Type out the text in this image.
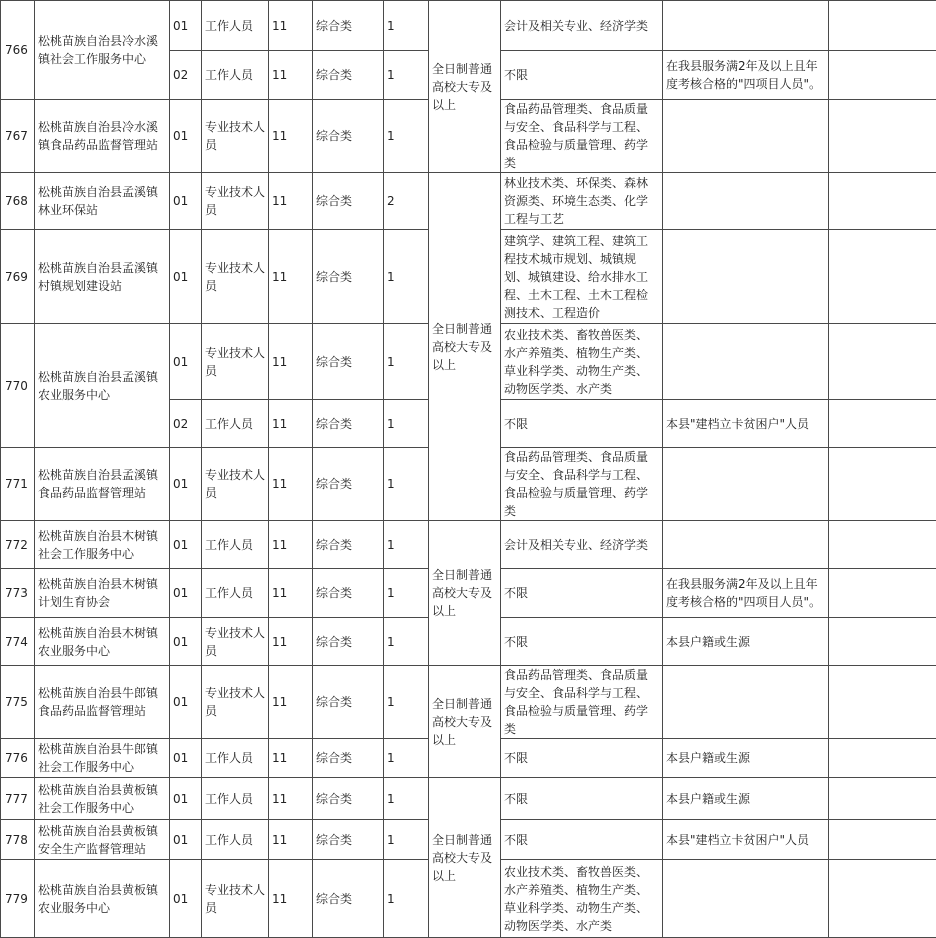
766	松桃苗族自治县冷水溪镇社会工作服务中心	01	工作人员	11	综合类	1	全日制普通高校大专及以上	会计及相关专业、经济学类		
		02	工作人员	11	综合类	1		不限	在我县服务满2年及以上且年度考核合格的"四项目人员"。	
767	松桃苗族自治县冷水溪镇食品药品监督管理站	01	专业技术人员	11	综合类	1		食品药品管理类、食品质量与安全、食品科学与工程、食品检验与质量管理、药学类		
768	松桃苗族自治县孟溪镇林业环保站	01	专业技术人员	11	综合类	2	全日制普通高校大专及以上	林业技术类、环保类、森林资源类、环境生态类、化学工程与工艺		
769	松桃苗族自治县孟溪镇村镇规划建设站	01	专业技术人员	11	综合类	1		建筑学、建筑工程、建筑工程技术城市规划、城镇规划、城镇建设、给水排水工程、土木工程、土木工程检测技术、工程造价		
770	松桃苗族自治县孟溪镇农业服务中心	01	专业技术人员	11	综合类	1		农业技术类、畜牧兽医类、水产养殖类、植物生产类、草业科学类、动物生产类、动物医学类、水产类		
		02	工作人员	11	综合类	1		不限	本县"建档立卡贫困户"人员	
771	松桃苗族自治县孟溪镇食品药品监督管理站	01	专业技术人员	11	综合类	1		食品药品管理类、食品质量与安全、食品科学与工程、食品检验与质量管理、药学类		
772	松桃苗族自治县木树镇社会工作服务中心	01	工作人员	11	综合类	1	全日制普通高校大专及以上	会计及相关专业、经济学类		
773	松桃苗族自治县木树镇计划生育协会	01	工作人员	11	综合类	1		不限	在我县服务满2年及以上且年度考核合格的"四项目人员"。	
774	松桃苗族自治县木树镇农业服务中心	01	专业技术人员	11	综合类	1		不限	本县户籍或生源	
775	松桃苗族自治县牛郎镇食品药品监督管理站	01	专业技术人员	11	综合类	1	全日制普通高校大专及以上	食品药品管理类、食品质量与安全、食品科学与工程、食品检验与质量管理、药学类		
776	松桃苗族自治县牛郎镇社会工作服务中心	01	工作人员	11	综合类	1		不限	本县户籍或生源	
777	松桃苗族自治县黄板镇社会工作服务中心	01	工作人员	11	综合类	1	全日制普通高校大专及以上	不限	本县户籍或生源	
778	松桃苗族自治县黄板镇安全生产监督管理站	01	工作人员	11	综合类	1		不限	本县"建档立卡贫困户"人员	
779	松桃苗族自治县黄板镇农业服务中心	01	专业技术人员	11	综合类	1		农业技术类、畜牧兽医类、水产养殖类、植物生产类、草业科学类、动物生产类、动物医学类、水产类		
